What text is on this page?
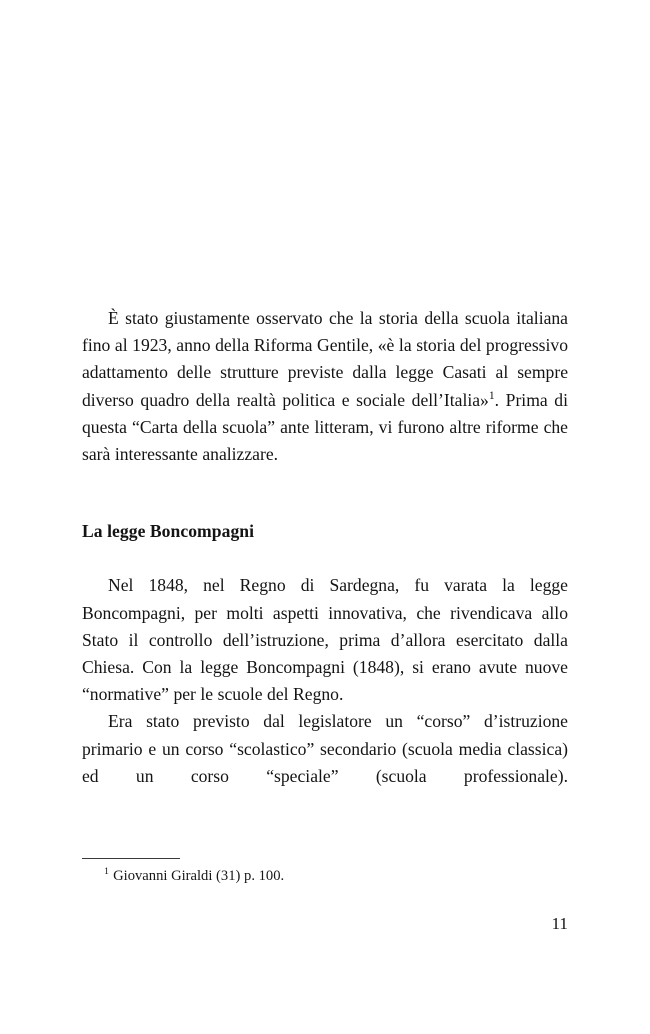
È stato giustamente osservato che la storia della scuola italiana fino al 1923, anno della Riforma Gentile, «è la storia del progressivo adattamento delle strutture previste dalla legge Casati al sempre diverso quadro della realtà politica e sociale dell’Italia»$^1$. Prima di questa “Carta della scuola” ante litteram, vi furono altre riforme che sarà interessante analizzare.

La legge Boncompagni

Nel 1848, nel Regno di Sardegna, fu varata la legge Boncompagni, per molti aspetti innovativa, che rivendicava allo Stato il controllo dell’istruzione, prima d’allora esercitato dalla Chiesa. Con la legge Boncompagni (1848), si erano avute nuove “normative” per le scuole del Regno.

Era stato previsto dal legislatore un “corso” d’istruzione primario e un corso “scolastico” secondario (scuola media classica) ed un corso “speciale” (scuola professionale).

$^1$ Giovanni Giraldi (31) p. 100.

11
